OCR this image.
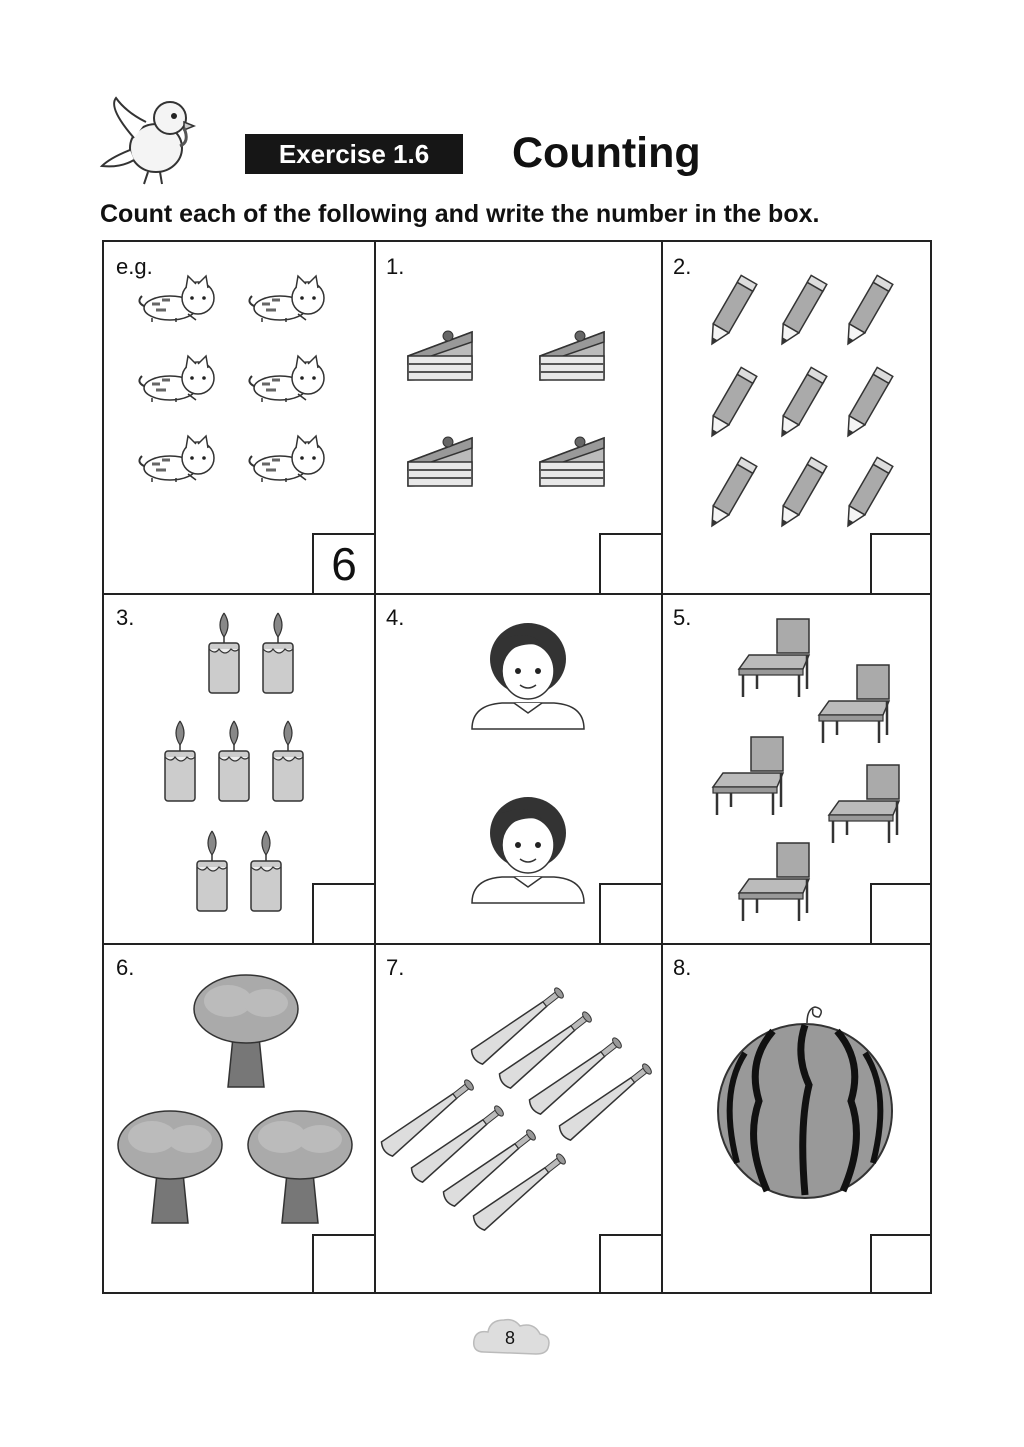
Exercise 1.6	Counting
Count each of the following and write the number in the box.
e.g.
6
1.	2.
3.	4.	5.
6.	7.	8.
8
